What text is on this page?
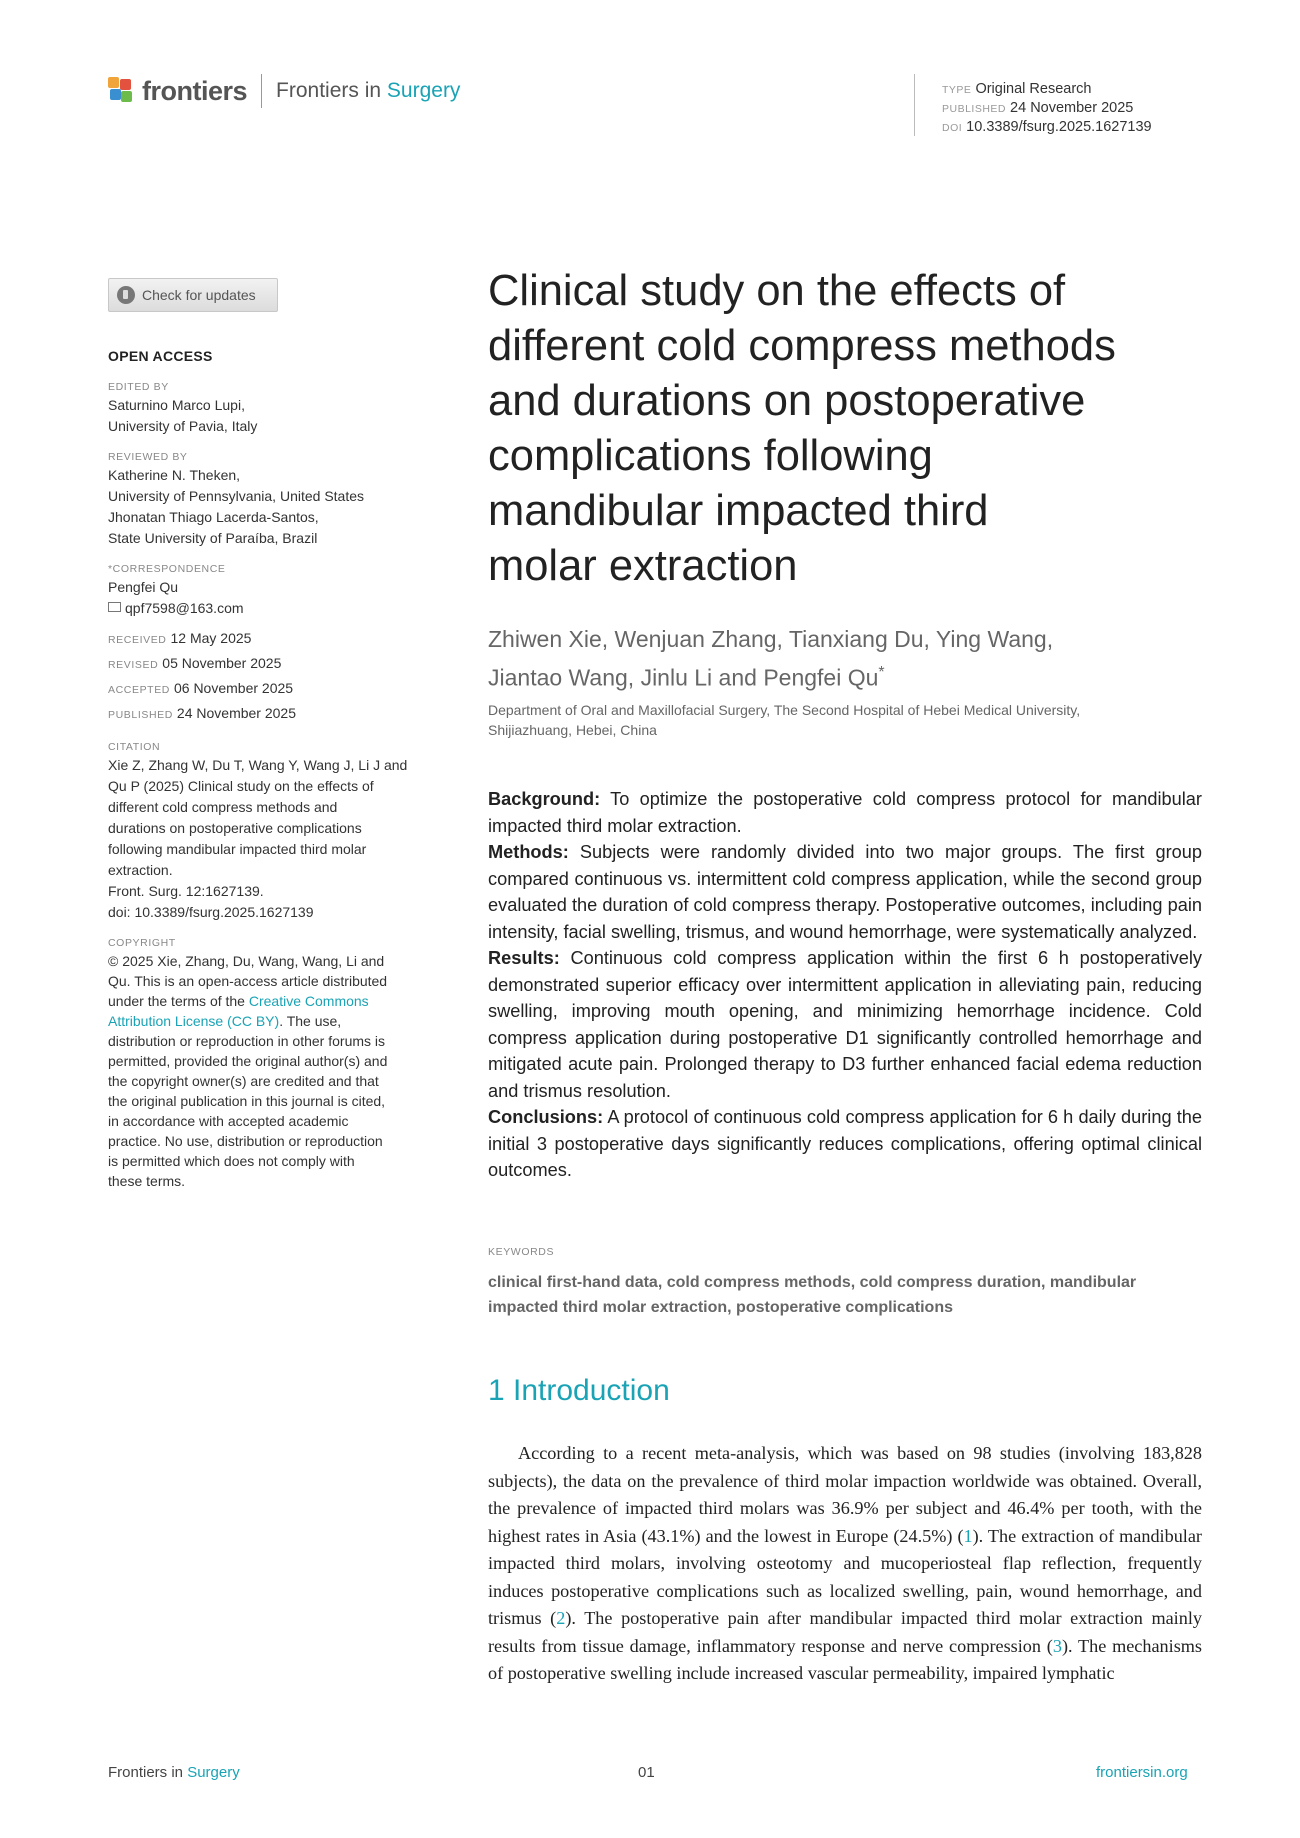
frontiers Frontiers in Surgery	TYPE Original Research
PUBLISHED 24 November 2025
DOI 10.3389/fsurg.2025.1627139
Check for updates
OPEN ACCESS
EDITED BY
Saturnino Marco Lupi,
University of Pavia, Italy
REVIEWED BY
Katherine N. Theken,
University of Pennsylvania, United States
Jhonatan Thiago Lacerda-Santos,
State University of Paraíba, Brazil
*CORRESPONDENCE
Pengfei Qu
qpf7598@163.com
RECEIVED 12 May 2025
REVISED 05 November 2025
ACCEPTED 06 November 2025
PUBLISHED 24 November 2025
CITATION
Xie Z, Zhang W, Du T, Wang Y, Wang J, Li J and
Qu P (2025) Clinical study on the effects of
different cold compress methods and
durations on postoperative complications
following mandibular impacted third molar
extraction.
Front. Surg. 12:1627139.
doi: 10.3389/fsurg.2025.1627139
COPYRIGHT
© 2025 Xie, Zhang, Du, Wang, Wang, Li and
Qu. This is an open-access article distributed
under the terms of the Creative Commons
Attribution License (CC BY). The use,
distribution or reproduction in other forums is
permitted, provided the original author(s) and
the copyright owner(s) are credited and that
the original publication in this journal is cited,
in accordance with accepted academic
practice. No use, distribution or reproduction
is permitted which does not comply with
these terms.
Clinical study on the effects of
different cold compress methods
and durations on postoperative
complications following
mandibular impacted third
molar extraction
Zhiwen Xie, Wenjuan Zhang, Tianxiang Du, Ying Wang,
Jiantao Wang, Jinlu Li and Pengfei Qu*
Department of Oral and Maxillofacial Surgery, The Second Hospital of Hebei Medical University,
Shijiazhuang, Hebei, China

Background: To optimize the postoperative cold compress protocol for mandibular impacted third molar extraction.

Methods: Subjects were randomly divided into two major groups. The first group compared continuous vs. intermittent cold compress application, while the second group evaluated the duration of cold compress therapy. Postoperative outcomes, including pain intensity, facial swelling, trismus, and wound hemorrhage, were systematically analyzed.

Results: Continuous cold compress application within the first 6 h postoperatively demonstrated superior efficacy over intermittent application in alleviating pain, reducing swelling, improving mouth opening, and minimizing hemorrhage incidence. Cold compress application during postoperative D1 significantly controlled hemorrhage and mitigated acute pain. Prolonged therapy to D3 further enhanced facial edema reduction and trismus resolution.

Conclusions: A protocol of continuous cold compress application for 6 h daily during the initial 3 postoperative days significantly reduces complications, offering optimal clinical outcomes.

KEYWORDS
clinical first-hand data, cold compress methods, cold compress duration, mandibular impacted third molar extraction, postoperative complications
1 Introduction

According to a recent meta-analysis, which was based on 98 studies (involving 183,828 subjects), the data on the prevalence of third molar impaction worldwide was obtained. Overall, the prevalence of impacted third molars was 36.9% per subject and 46.4% per tooth, with the highest rates in Asia (43.1%) and the lowest in Europe (24.5%) (1). The extraction of mandibular impacted third molars, involving osteotomy and mucoperiosteal flap reflection, frequently induces postoperative complications such as localized swelling, pain, wound hemorrhage, and trismus (2). The postoperative pain after mandibular impacted third molar extraction mainly results from tissue damage, inflammatory response and nerve compression (3). The mechanisms of postoperative swelling include increased vascular permeability, impaired lymphatic

Frontiers in Surgery	01	frontiersin.org
